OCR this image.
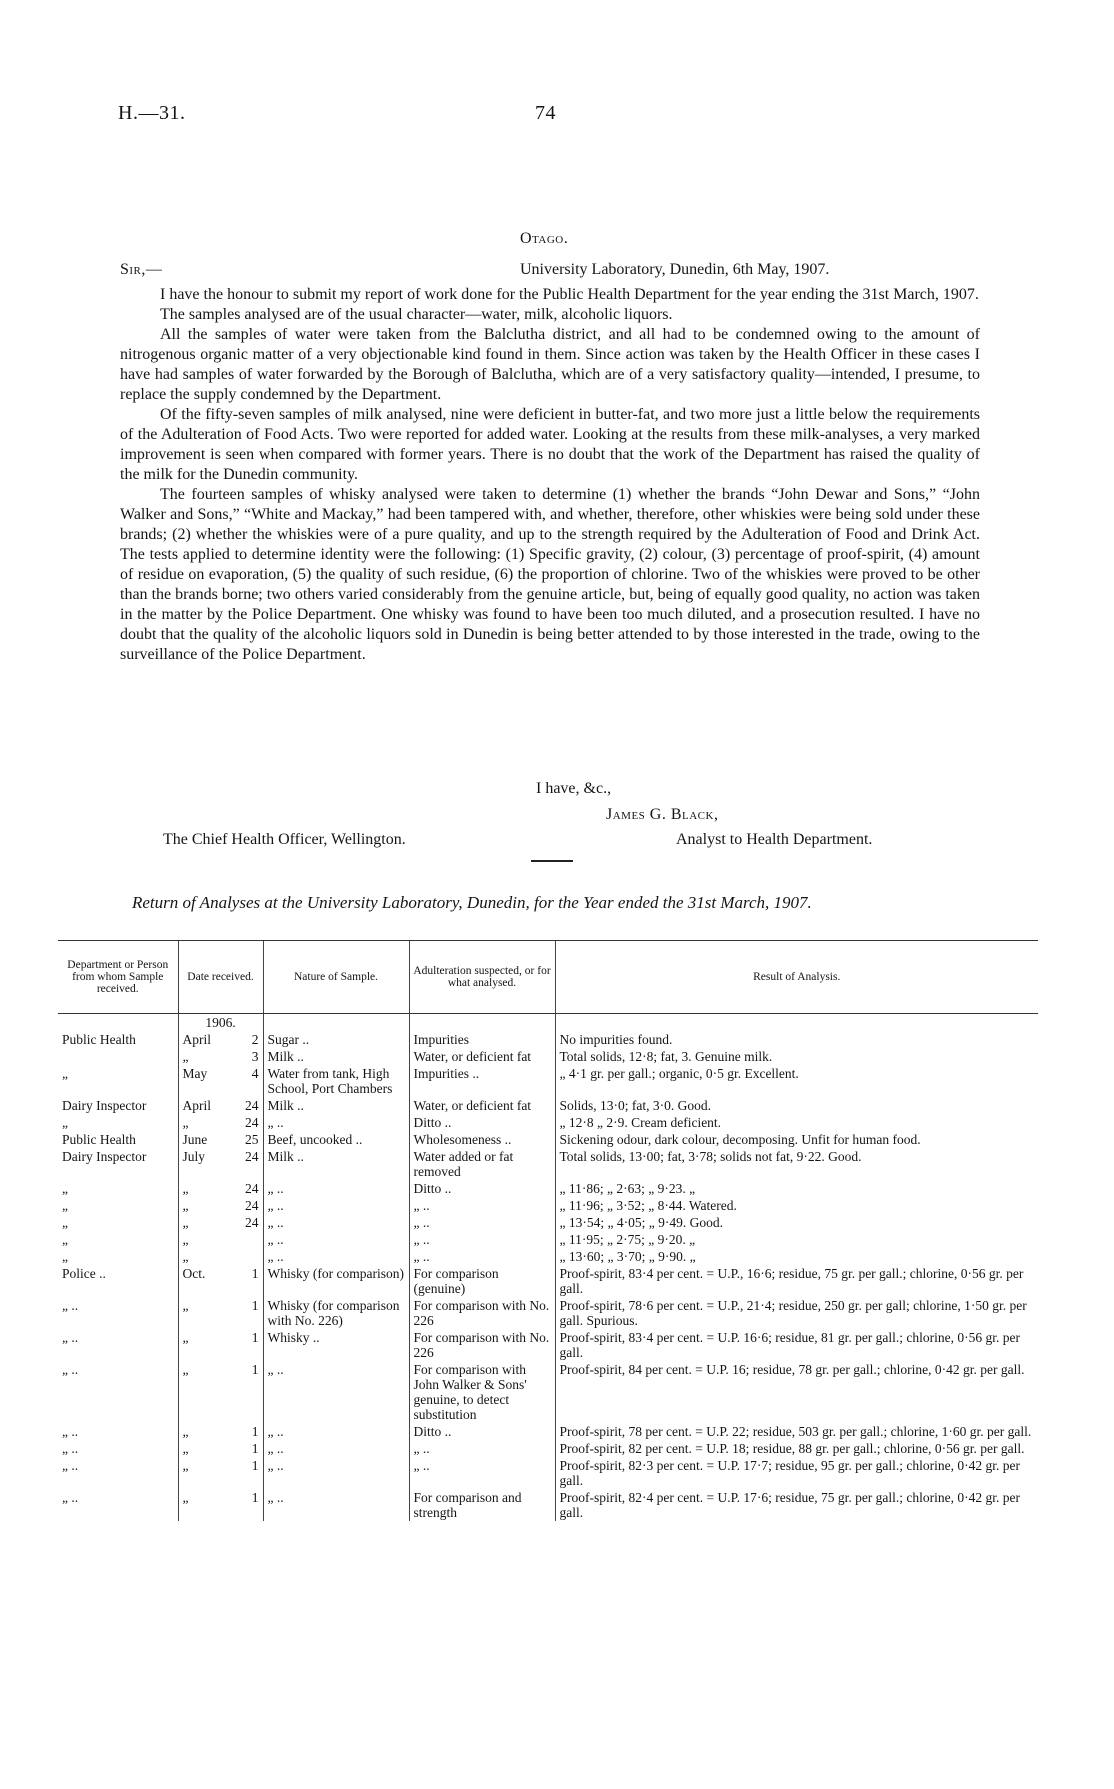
H.—31.	74
Otago.
Sir,—	University Laboratory, Dunedin, 6th May, 1907.

I have the honour to submit my report of work done for the Public Health Department for the year ending the 31st March, 1907.

The samples analysed are of the usual character—water, milk, alcoholic liquors.

All the samples of water were taken from the Balclutha district, and all had to be condemned owing to the amount of nitrogenous organic matter of a very objectionable kind found in them. Since action was taken by the Health Officer in these cases I have had samples of water forwarded by the Borough of Balclutha, which are of a very satisfactory quality—intended, I presume, to replace the supply condemned by the Department.

Of the fifty-seven samples of milk analysed, nine were deficient in butter-fat, and two more just a little below the requirements of the Adulteration of Food Acts. Two were reported for added water. Looking at the results from these milk-analyses, a very marked improvement is seen when compared with former years. There is no doubt that the work of the Department has raised the quality of the milk for the Dunedin community.

The fourteen samples of whisky analysed were taken to determine (1) whether the brands “John Dewar and Sons,” “John Walker and Sons,” “White and Mackay,” had been tampered with, and whether, therefore, other whiskies were being sold under these brands; (2) whether the whiskies were of a pure quality, and up to the strength required by the Adulteration of Food and Drink Act. The tests applied to determine identity were the following: (1) Specific gravity, (2) colour, (3) percentage of proof-spirit, (4) amount of residue on evaporation, (5) the quality of such residue, (6) the proportion of chlorine. Two of the whiskies were proved to be other than the brands borne; two others varied considerably from the genuine article, but, being of equally good quality, no action was taken in the matter by the Police Department. One whisky was found to have been too much diluted, and a prosecution resulted. I have no doubt that the quality of the alcoholic liquors sold in Dunedin is being better attended to by those interested in the trade, owing to the surveillance of the Police Department.

I have, &c.,
James G. Black,
The Chief Health Officer, Wellington.	Analyst to Health Department.
Return of Analyses at the University Laboratory, Dunedin, for the Year ended the 31st March, 1907.
Department or Person from whom Sample received.	Date received.	Nature of Sample.	Adulteration suspected, or for what analysed.	Result of Analysis.
	1906.			
Public Health	April 2	Sugar ..	Impurities	No impurities found.
	„ 3	Milk ..	Water, or deficient fat	Total solids, 12·8; fat, 3. Genuine milk.
„	May 4	Water from tank, High School, Port Chambers	Impurities ..	„ 4·1 gr. per gall.; organic, 0·5 gr. Excellent.
Dairy Inspector	April 24	Milk ..	Water, or deficient fat	Solids, 13·0; fat, 3·0. Good.
„	„ 24	„ ..	Ditto ..	„ 12·8 „ 2·9. Cream deficient.
Public Health	June 25	Beef, uncooked ..	Wholesomeness ..	Sickening odour, dark colour, decomposing. Unfit for human food.
Dairy Inspector	July 24	Milk ..	Water added or fat removed	Total solids, 13·00; fat, 3·78; solids not fat, 9·22. Good.
„	„ 24	„ ..	Ditto ..	„ 11·86; „ 2·63; „ 9·23. „
„	„ 24	„ ..	„ ..	„ 11·96; „ 3·52; „ 8·44. Watered.
„	„ 24	„ ..	„ ..	„ 13·54; „ 4·05; „ 9·49. Good.
„	„	„ ..	„ ..	„ 11·95; „ 2·75; „ 9·20. „
„	„	„ ..	„ ..	„ 13·60; „ 3·70; „ 9·90. „
Police ..	Oct. 1	Whisky (for comparison)	For comparison (genuine)	Proof-spirit, 83·4 per cent. = U.P., 16·6; residue, 75 gr. per gall.; chlorine, 0·56 gr. per gall.
„ ..	„ 1	Whisky (for comparison with No. 226)	For comparison with No. 226	Proof-spirit, 78·6 per cent. = U.P., 21·4; residue, 250 gr. per gall; chlorine, 1·50 gr. per gall. Spurious.
„ ..	„ 1	Whisky ..	For comparison with No. 226	Proof-spirit, 83·4 per cent. = U.P. 16·6; residue, 81 gr. per gall.; chlorine, 0·56 gr. per gall.
„ ..	„ 1	„ ..	For comparison with John Walker & Sons' genuine, to detect substitution	Proof-spirit, 84 per cent. = U.P. 16; residue, 78 gr. per gall.; chlorine, 0·42 gr. per gall.
„ ..	„ 1	„ ..	Ditto ..	Proof-spirit, 78 per cent. = U.P. 22; residue, 503 gr. per gall.; chlorine, 1·60 gr. per gall.
„ ..	„ 1	„ ..	„ ..	Proof-spirit, 82 per cent. = U.P. 18; residue, 88 gr. per gall.; chlorine, 0·56 gr. per gall.
„ ..	„ 1	„ ..	„ ..	Proof-spirit, 82·3 per cent. = U.P. 17·7; residue, 95 gr. per gall.; chlorine, 0·42 gr. per gall.
„ ..	„ 1	„ ..	For comparison and strength	Proof-spirit, 82·4 per cent. = U.P. 17·6; residue, 75 gr. per gall.; chlorine, 0·42 gr. per gall.
